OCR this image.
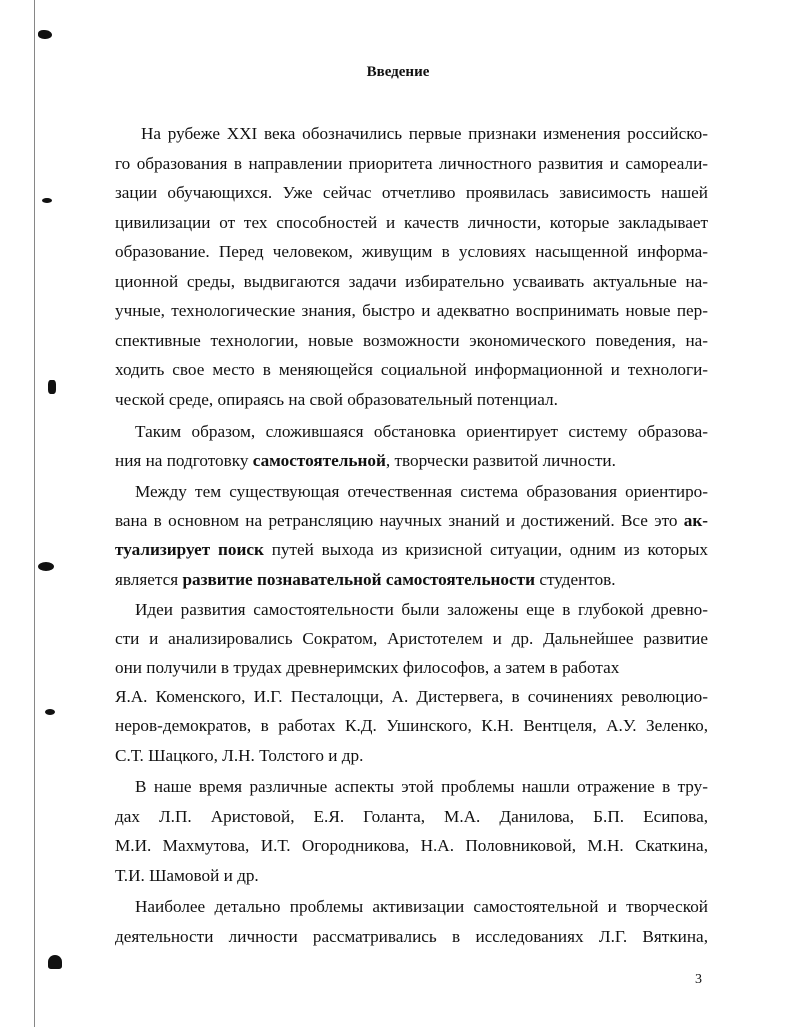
Введение
На рубеже XXI века обозначились первые признаки изменения российско-
го образования в направлении приоритета личностного развития и самореали-
зации обучающихся. Уже сейчас отчетливо проявилась зависимость нашей
цивилизации от тех способностей и качеств личности, которые закладывает
образование. Перед человеком, живущим в условиях насыщенной информа-
ционной среды, выдвигаются задачи избирательно усваивать актуальные на-
учные, технологические знания, быстро и адекватно воспринимать новые пер-
спективные технологии, новые возможности экономического поведения, на-
ходить свое место в меняющейся социальной информационной и технологи-
ческой среде, опираясь на свой образовательный потенциал.
Таким образом, сложившаяся обстановка ориентирует систему образова-
ния на подготовку самостоятельной, творчески развитой личности.
Между тем существующая отечественная система образования ориентиро-
вана в основном на ретрансляцию научных знаний и достижений. Все это ак-
туализирует поиск путей выхода из кризисной ситуации, одним из которых
является развитие познавательной самостоятельности студентов.
Идеи развития самостоятельности были заложены еще в глубокой древно-
сти и анализировались Сократом, Аристотелем и др. Дальнейшее развитие
они получили в трудах древнеримских философов, а затем в работах
Я.А. Коменского, И.Г. Песталоцци, А. Дистервега, в сочинениях революцио-
неров-демократов, в работах К.Д. Ушинского, К.Н. Вентцеля, А.У. Зеленко,
С.Т. Шацкого, Л.Н. Толстого и др.
В наше время различные аспекты этой проблемы нашли отражение в тру-
дах Л.П. Аристовой, Е.Я. Голанта, М.А. Данилова, Б.П. Есипова,
М.И. Махмутова, И.Т. Огородникова, Н.А. Половниковой, М.Н. Скаткина,
Т.И. Шамовой и др.
Наиболее детально проблемы активизации самостоятельной и творческой
деятельности личности рассматривались в исследованиях Л.Г. Вяткина,
3
